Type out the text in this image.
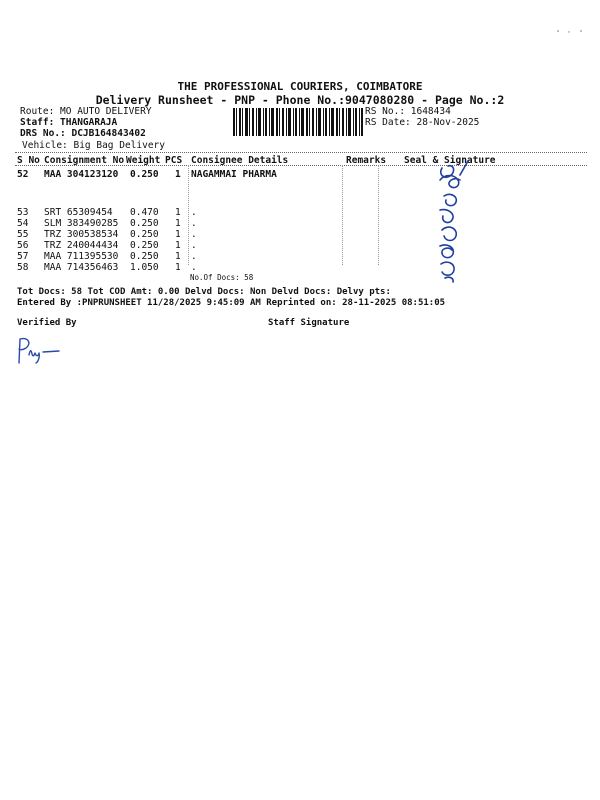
THE PROFESSIONAL COURIERS, COIMBATORE
Delivery Runsheet - PNP - Phone No.:9047080280 - Page No.:2
Route: MO AUTO DELIVERY
Staff: THANGARAJA
DRS No.: DCJB164843402
Vehicle: Big Bag Delivery
RS No.: 1648434
RS Date: 28-Nov-2025
S No Consignment No Weight PCS Consignee Details	Remarks Seal & Signature
52 MAA 304123120 0.250 1 NAGAMMAI PHARMA
53 SRT 65309454 0.470 1 .
54 SLM 383490285 0.250 1 .
55 TRZ 300538534 0.250 1 .
56 TRZ 240044434 0.250 1 .
57 MAA 711395530 0.250 1 .
58 MAA 714356463 1.050 1 .
No.Of Docs: 58
Tot Docs: 58 Tot COD Amt: 0.00 Delvd Docs: Non Delvd Docs: Delvy pts:
Entered By :PNPRUNSHEET 11/28/2025 9:45:09 AM Reprinted on: 28-11-2025 08:51:05
Verified By	Staff Signature
